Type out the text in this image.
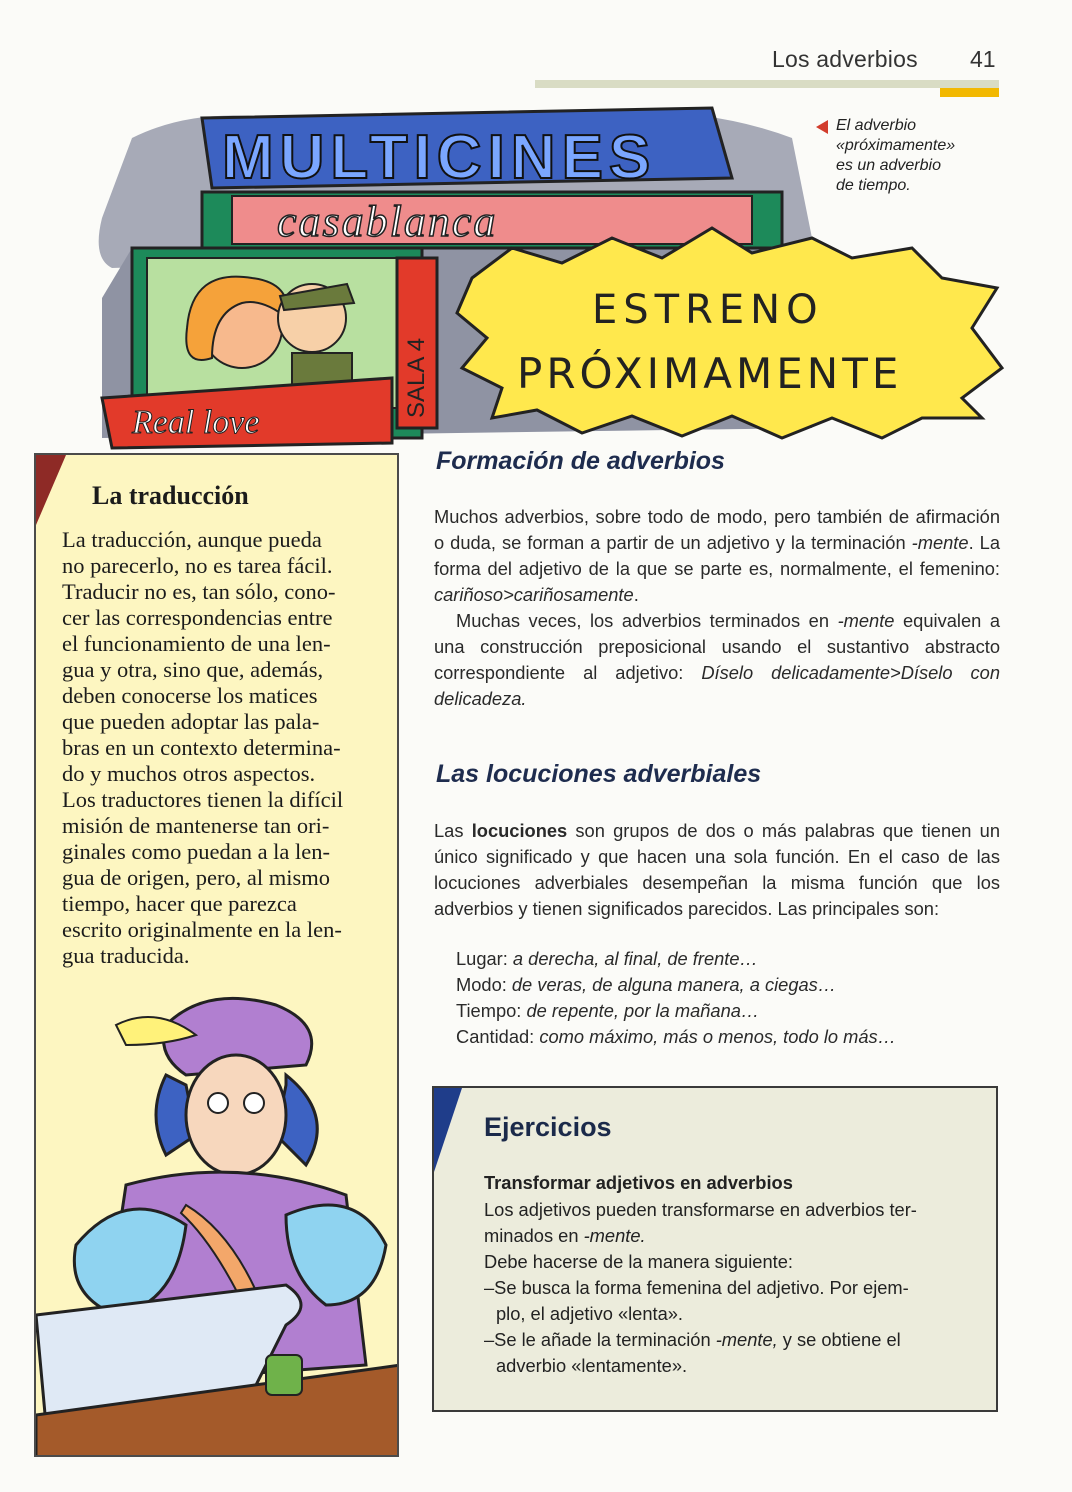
Los adverbios 41

El adverbio

«próximamente»

es un adverbio

de tiempo.

Real love
SALA 4
MULTICINES
casablanca
ESTRENO
PRÓXIMAMENTE
La traducción
La traducción, aunque pueda
no parecerlo, no es tarea fácil.
Traducir no es, tan sólo, cono-
cer las correspondencias entre
el funcionamiento de una len-
gua y otra, sino que, además,
deben conocerse los matices
que pueden adoptar las pala-
bras en un contexto determina-
do y muchos otros aspectos.
Los traductores tienen la difícil
misión de mantenerse tan ori-
ginales como puedan a la len-
gua de origen, pero, al mismo
tiempo, hacer que parezca
escrito originalmente en la len-
gua traducida.
Formación de adverbios
Muchos adverbios, sobre todo de modo, pero también de afirmación o duda, se forman a partir de un adjetivo y la terminación -mente. La forma del adjetivo de la que se parte es, normalmente, el femenino: cariñoso>cariñosamente.
Muchas veces, los adverbios terminados en -mente equivalen a una construcción preposicional usando el sustantivo abstracto correspondiente al adjetivo: Díselo delicadamente>Díselo con delicadeza.
Las locuciones adverbiales
Las locuciones son grupos de dos o más palabras que tienen un único significado y que hacen una sola función. En el caso de las locuciones adverbiales desempeñan la misma función que los adverbios y tienen significados parecidos. Las principales son:
Lugar: a derecha, al final, de frente…
Modo: de veras, de alguna manera, a ciegas…
Tiempo: de repente, por la mañana…
Cantidad: como máximo, más o menos, todo lo más…
Ejercicios
Transformar adjetivos en adverbios
Los adjetivos pueden transformarse en adverbios ter-
minados en -mente.
Debe hacerse de la manera siguiente:
–Se busca la forma femenina del adjetivo. Por ejem-
plo, el adjetivo «lenta».
–Se le añade la terminación -mente, y se obtiene el
adverbio «lentamente».
